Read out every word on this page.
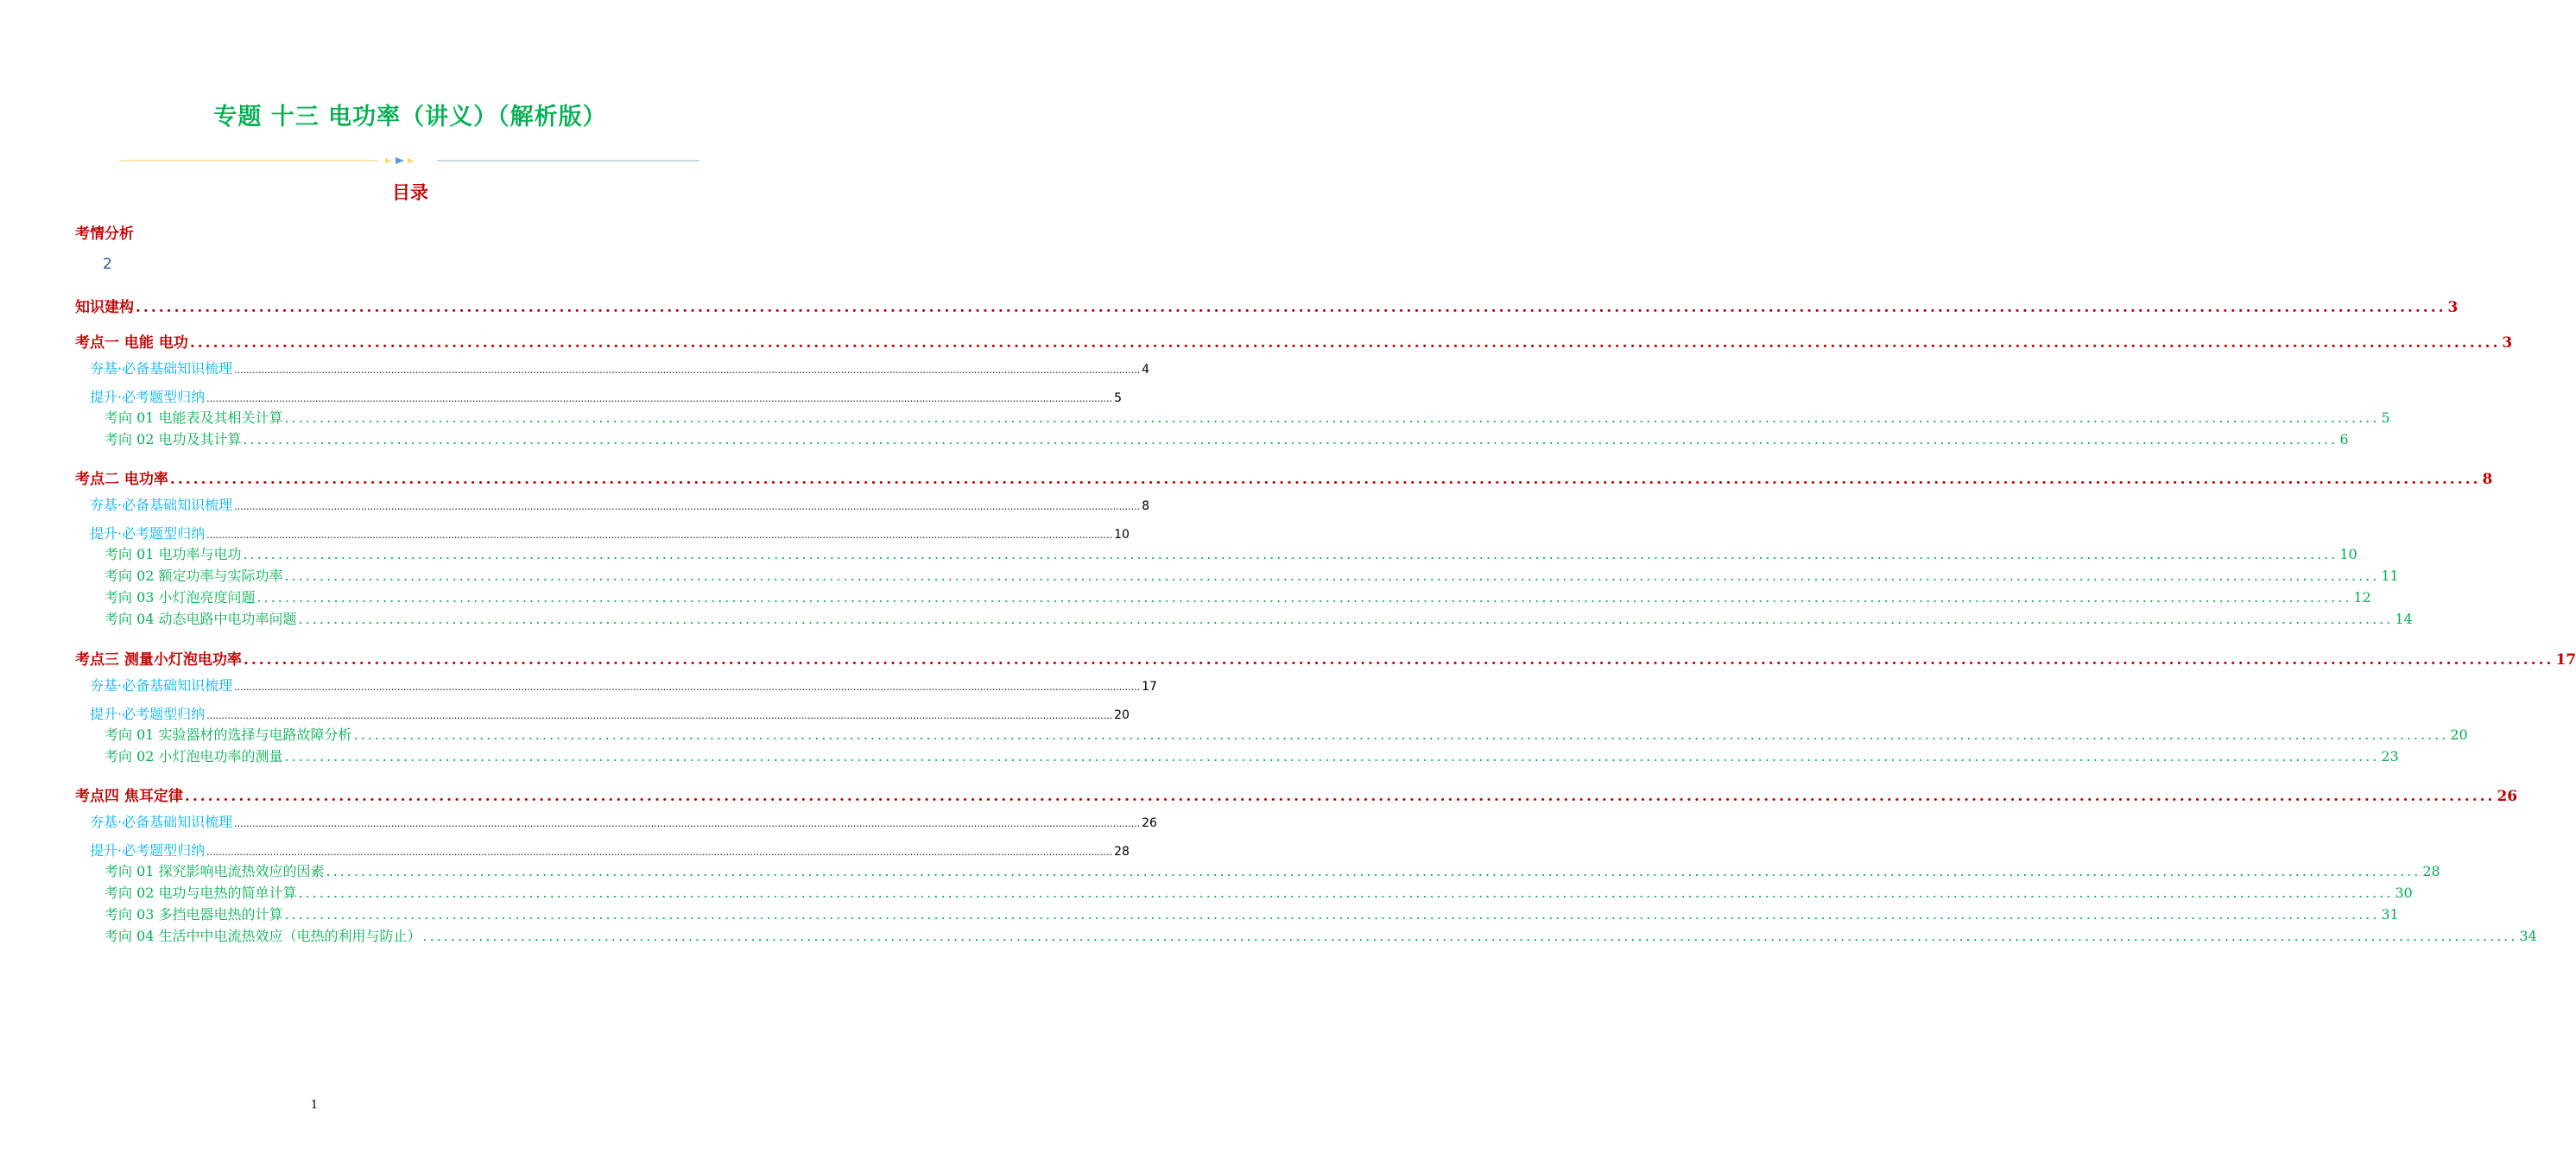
专题 十三 电功率（讲义）（解析版）
目录
考情分析
2
知识建构 ............................................................................................................................................................................................................................................................................................................ 3
考点一 电能 电功 ............................................................................................................................................................................................................................................................................................................ 3
夯基·必备基础知识梳理 ............................................................................................................................................................................................................................................................................................................ 4
提升·必考题型归纳 ............................................................................................................................................................................................................................................................................................................ 5
考向 01 电能表及其相关计算 ............................................................................................................................................................................................................................................................................................................ 5
考向 02 电功及其计算 ............................................................................................................................................................................................................................................................................................................ 6
考点二 电功率 ............................................................................................................................................................................................................................................................................................................ 8
夯基·必备基础知识梳理 ............................................................................................................................................................................................................................................................................................................ 8
提升·必考题型归纳 ............................................................................................................................................................................................................................................................................................................ 10
考向 01 电功率与电功 ............................................................................................................................................................................................................................................................................................................ 10
考向 02 额定功率与实际功率 ............................................................................................................................................................................................................................................................................................................ 11
考向 03 小灯泡亮度问题 ............................................................................................................................................................................................................................................................................................................ 12
考向 04 动态电路中电功率问题 ............................................................................................................................................................................................................................................................................................................ 14
考点三 测量小灯泡电功率 ............................................................................................................................................................................................................................................................................................................ 17
夯基·必备基础知识梳理 ............................................................................................................................................................................................................................................................................................................ 17
提升·必考题型归纳 ............................................................................................................................................................................................................................................................................................................ 20
考向 01 实验器材的选择与电路故障分析 ............................................................................................................................................................................................................................................................................................................ 20
考向 02 小灯泡电功率的测量 ............................................................................................................................................................................................................................................................................................................ 23
考点四 焦耳定律 ............................................................................................................................................................................................................................................................................................................ 26
夯基·必备基础知识梳理 ............................................................................................................................................................................................................................................................................................................ 26
提升·必考题型归纳 ............................................................................................................................................................................................................................................................................................................ 28
考向 01 探究影响电流热效应的因素 ............................................................................................................................................................................................................................................................................................................ 28
考向 02 电功与电热的简单计算 ............................................................................................................................................................................................................................................................................................................ 30
考向 03 多挡电器电热的计算 ............................................................................................................................................................................................................................................................................................................ 31
考向 04 生活中中电流热效应（电热的利用与防止） ............................................................................................................................................................................................................................................................................................................ 34
1
